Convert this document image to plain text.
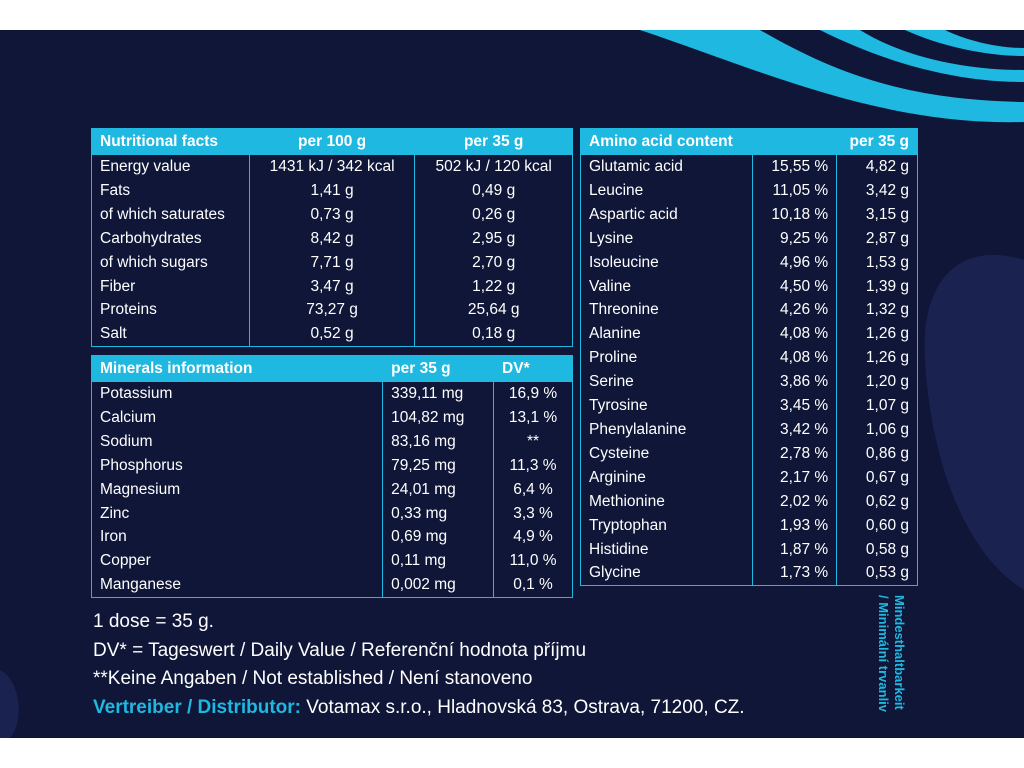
Nutritional facts	per 100 g	per 35 g
Energy value	1431 kJ / 342 kcal	502 kJ / 120 kcal
Fats	1,41 g	0,49 g
of which saturates	0,73 g	0,26 g
Carbohydrates	8,42 g	2,95 g
of which sugars	7,71 g	2,70 g
Fiber	3,47 g	1,22 g
Proteins	73,27 g	25,64 g
Salt	0,52 g	0,18 g
Minerals information	per 35 g	DV*
Potassium	339,11 mg	16,9 %
Calcium	104,82 mg	13,1 %
Sodium	83,16 mg	**
Phosphorus	79,25 mg	11,3 %
Magnesium	24,01 mg	6,4 %
Zinc	0,33 mg	3,3 %
Iron	0,69 mg	4,9 %
Copper	0,11 mg	11,0 %
Manganese	0,002 mg	0,1 %
Amino acid content		per 35 g
Glutamic acid	15,55 %	4,82 g
Leucine	11,05 %	3,42 g
Aspartic acid	10,18 %	3,15 g
Lysine	9,25 %	2,87 g
Isoleucine	4,96 %	1,53 g
Valine	4,50 %	1,39 g
Threonine	4,26 %	1,32 g
Alanine	4,08 %	1,26 g
Proline	4,08 %	1,26 g
Serine	3,86 %	1,20 g
Tyrosine	3,45 %	1,07 g
Phenylalanine	3,42 %	1,06 g
Cysteine	2,78 %	0,86 g
Arginine	2,17 %	0,67 g
Methionine	2,02 %	0,62 g
Tryptophan	1,93 %	0,60 g
Histidine	1,87 %	0,58 g
Glycine	1,73 %	0,53 g
1 dose = 35 g.
DV* = Tageswert / Daily Value / Referenční hodnota příjmu
**Keine Angaben / Not established / Není stanoveno
Vertreiber / Distributor: Votamax s.r.o., Hladnovská 83, Ostrava, 71200, CZ.	Mindesthaltbarkeit
/ Minimální trvanliv
